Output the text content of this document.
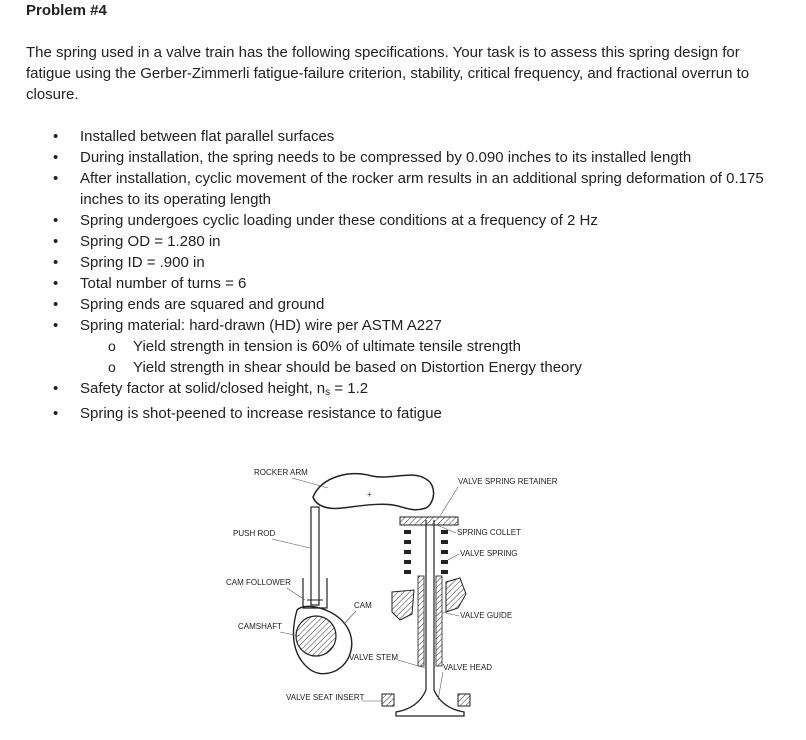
Problem #4
The spring used in a valve train has the following specifications. Your task is to assess this spring design for fatigue using the Gerber-Zimmerli fatigue-failure criterion, stability, critical frequency, and fractional overrun to closure.
• Installed between flat parallel surfaces
• During installation, the spring needs to be compressed by 0.090 inches to its installed length
• After installation, cyclic movement of the rocker arm results in an additional spring deformation of 0.175 inches to its operating length
• Spring undergoes cyclic loading under these conditions at a frequency of 2 Hz
• Spring OD = 1.280 in
• Spring ID = .900 in
• Total number of turns = 6
• Spring ends are squared and ground
• Spring material: hard-drawn (HD) wire per ASTM A227
o Yield strength in tension is 60% of ultimate tensile strength
o Yield strength in shear should be based on Distortion Energy theory
• Safety factor at solid/closed height, $n_s = 1.2$
• Spring is shot-peened to increase resistance to fatigue
+
ROCKER ARM
PUSH ROD
CAM FOLLOWER
CAMSHAFT
CAM
VALVE STEM
VALVE SEAT INSERT
VALVE SPRING RETAINER
SPRING COLLET
VALVE SPRING
VALVE GUIDE
VALVE HEAD
